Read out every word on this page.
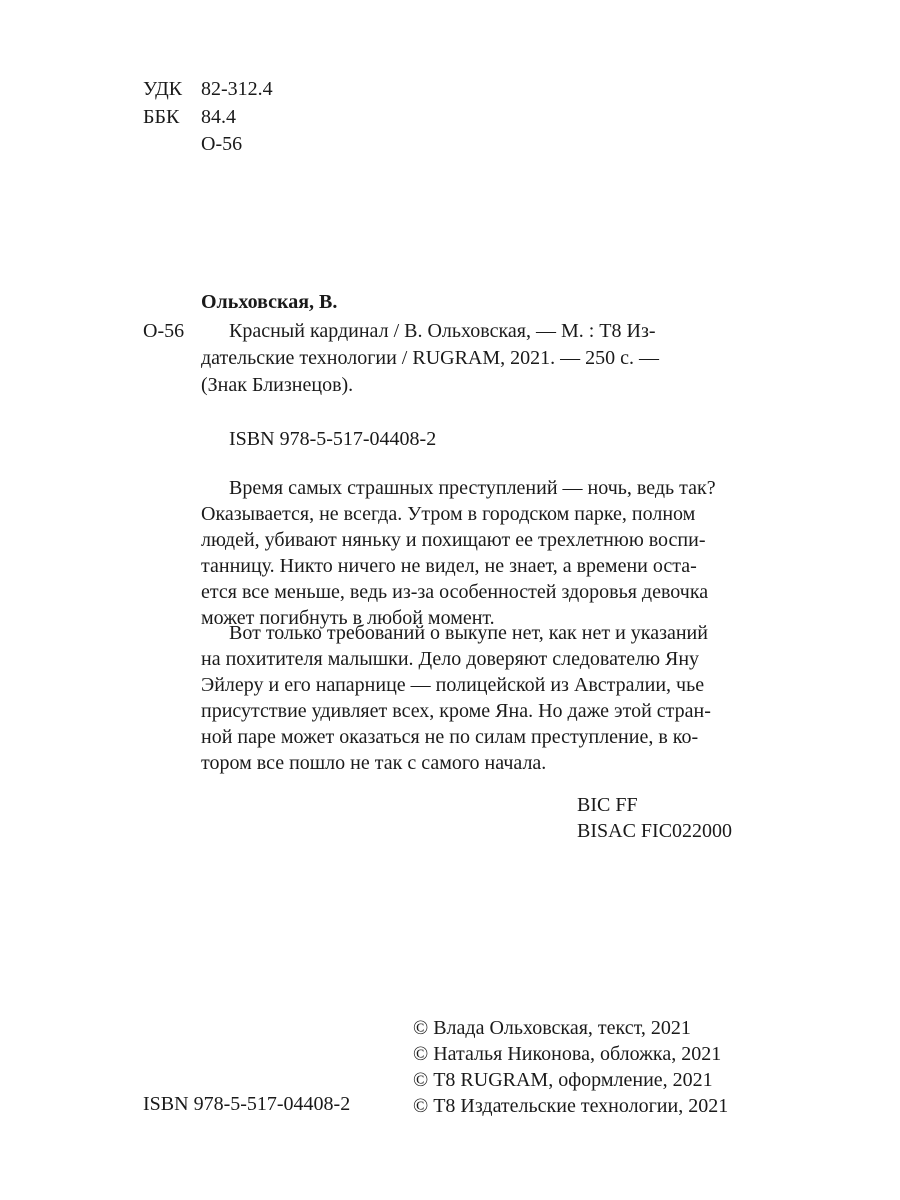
УДК 82-312.4
ББК 84.4
О-56
Ольховская, В.
О-56 Красный кардинал / В. Ольховская, — М. : Т8 Из-
дательские технологии / RUGRAM, 2021. — 250 с. —
(Знак Близнецов).
ISBN 978-5-517-04408-2
Время самых страшных преступлений — ночь, ведь так?
Оказывается, не всегда. Утром в городском парке, полном
людей, убивают няньку и похищают ее трехлетнюю воспи-
танницу. Никто ничего не видел, не знает, а времени оста-
ется все меньше, ведь из-за особенностей здоровья девочка
может погибнуть в любой момент.
Вот только требований о выкупе нет, как нет и указаний
на похитителя малышки. Дело доверяют следователю Яну
Эйлеру и его напарнице — полицейской из Австралии, чье
присутствие удивляет всех, кроме Яна. Но даже этой стран-
ной паре может оказаться не по силам преступление, в ко-
тором все пошло не так с самого начала.
BIC FF
BISAC FIC022000
ISBN 978-5-517-04408-2
© Влада Ольховская, текст, 2021
© Наталья Никонова, обложка, 2021
© Т8 RUGRAM, оформление, 2021
© Т8 Издательские технологии, 2021
